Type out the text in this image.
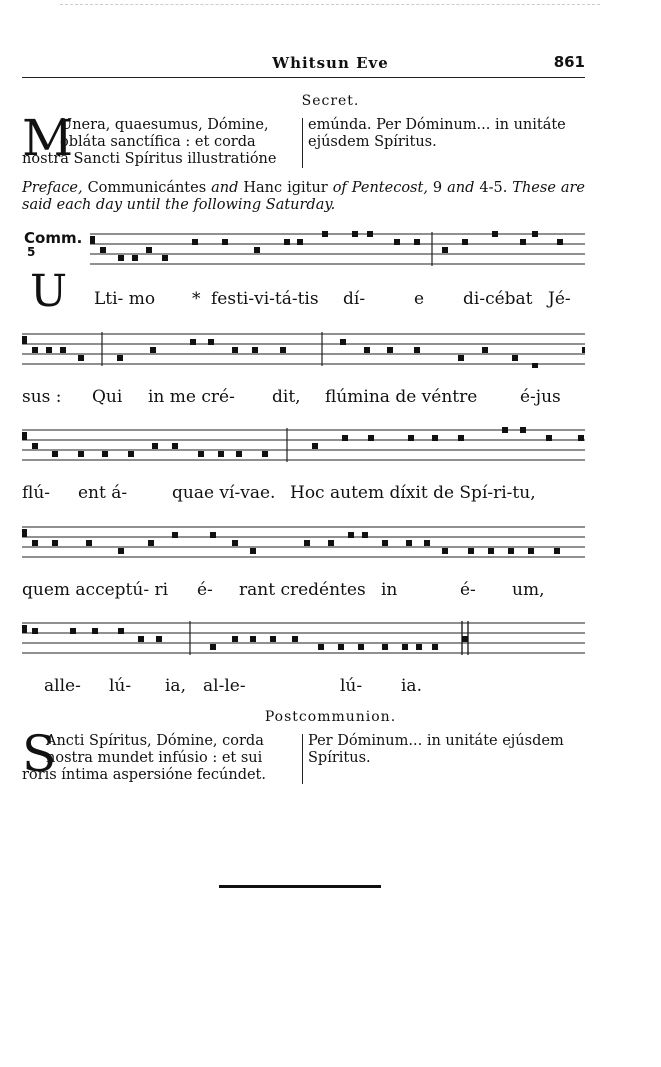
Whitsun Eve	861
Secret.
M
Unera, quaesumus, Dómine,
obláta sanctífica : et corda
nostra Sancti Spíritus illustratióne
emúnda. Per Dóminum... in unitáte
ejúsdem Spíritus.
Preface, Communicántes and Hanc igitur of Pentecost, 9 and 4-5. These are said each day until the following Saturday.
Comm.
5
U Lti- mo * festi-vi-tá-tis dí-	e di-cébat Jé-
sus : Qui in me cré- dit, flúmina de véntre	é-jus
flú- ent á-	quae ví-vae. Hoc autem díxit de Spí-ri-tu,
quem acceptú- ri é- rant credéntes in	é- um,
alle- lú- ia, al-le-	lú- ia.
Postcommunion.
S
Ancti Spíritus, Dómine, corda
nostra mundet infúsio : et sui
roris íntima aspersióne fecúndet.
Per Dóminum... in unitáte ejúsdem
Spíritus.
